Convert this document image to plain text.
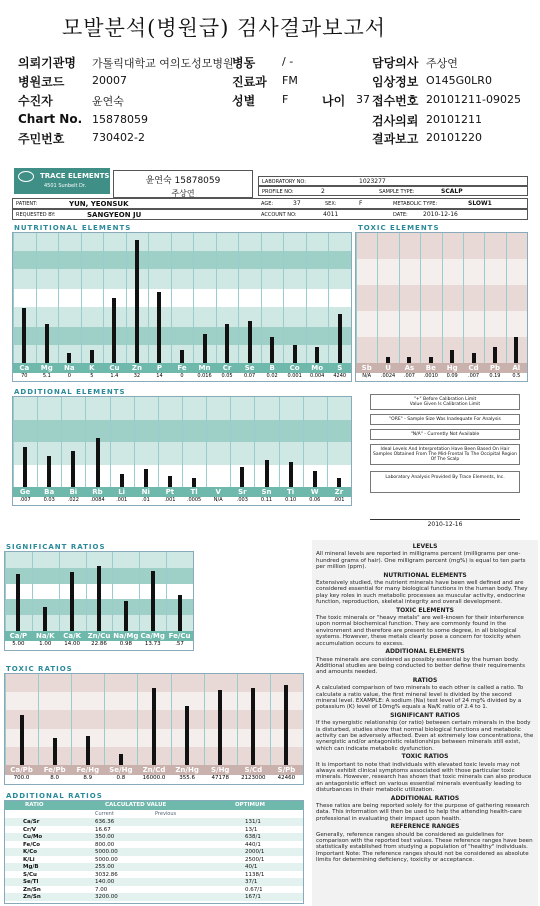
모발분석(병원급) 검사결과보고서
의뢰기관명 가톨릭대학교 여의도성모병원
병동 / -	담당의사 주상연
병원코드	20007	진료과 FM	임상정보 O145G0LR0
수진자	윤연숙	성별 F	나이 37 접수번호 20101211-09025
Chart No. 15878059	검사의뢰 20101211
주민번호	730402-2	결과보고 20101220
TRACE ELEMENTS
4501 Sunbelt Dr.	윤연숙 15878059
주상연
LABORATORY NO:	1023277
PROFILE NO:	2	SAMPLE TYPE:	SCALP
PATIENT:	YUN, YEONSUK	AGE:	37	SEX:	F	METABOLIC TYPE:	SLOW1
REQUESTED BY:	SANGYEON JU	ACCOUNT NO:	4011	DATE:	2010-12-16
NUTRITIONAL ELEMENTS	TOXIC ELEMENTS
Ca
70
Mg
5.1
Na
0
K
5
Cu
1.4
Zn
32
P
14
Fe
0
Mn
0.016
Cr
0.05
Se
0.07
B
0.02
Co
0.001
Mo
0.004
S
4240
Sb
N/A
U
.0024
As
.007
Be
.0010
Hg
0.09
Cd
.007
Pb
0.19
Al
0.5
ADDITIONAL ELEMENTS
Ge
.007
Ba
0.03
Bi
.022
Rb
.0084
Li
.001
Ni
.01
Pt
.001
Tl
.0005
V
N/A
Sr
.003
Sn
0.11
Ti
0.10
W
0.06
Zr
.001
"+" Before Calibration Limit
Value Given Is Calibration Limit
"ORE" - Sample Size Was Inadequate For Analysis
"N/A" - Currently Not Available
Ideal Levels And Interpretation Have Been Based On Hair Samples Obtained From The Mid-Frontal To The Occipital Region Of The Scalp
Laboratory Analysis Provided By Trace Elements, Inc.
2010-12-16
SIGNIFICANT RATIOS
Ca/P
5.00
Na/K
1.00
Ca/K
14.00
Zn/Cu
22.86
Na/Mg
0.98
Ca/Mg
13.73
Fe/Cu
.57
TOXIC RATIOS
Ca/Pb
700.0
Fe/Pb
8.0
Fe/Hg
8.9
Se/Hg
0.8
Zn/Cd
16000.0
Zn/Hg
355.6
S/Hg
47178
S/Cd
2123000
S/Pb
42460
ADDITIONAL RATIOS
RATIO	CALCULATED VALUE	OPTIMUM
Current	Previous
Ca/Sr	636.36	131/1
Cr/V	16.67	13/1
Cu/Mo	350.00	638/1
Fe/Co	800.00	440/1
K/Co	5000.00	2000/1
K/Li	5000.00	2500/1
Mg/B	255.00	40/1
S/Cu	3032.86	1138/1
Se/Tl	140.00	37/1
Zn/Sn	7.00	0.67/1
Zn/Sn	3200.00	167/1
LEVELS
All mineral levels are reported in milligrams percent (milligrams per one-hundred grams of hair). One milligram percent (mg%) is equal to ten parts per million (ppm).
NUTRITIONAL ELEMENTS
Extensively studied, the nutrient minerals have been well defined and are considered essential for many biological functions in the human body. They play key roles in such metabolic processes as muscular activity, endocrine function, reproduction, skeletal integrity and overall development.
TOXIC ELEMENTS
The toxic minerals or "heavy metals" are well-known for their interference upon normal biochemical function. They are commonly found in the environment and therefore are present to some degree, in all biological systems. However, these metals clearly pose a concern for toxicity when accumulation occurs to excess.
ADDITIONAL ELEMENTS
These minerals are considered as possibly essential by the human body. Additional studies are being conducted to better define their requirements and amounts needed.
RATIOS
A calculated comparison of two minerals to each other is called a ratio. To calculate a ratio value, the first mineral level is divided by the second mineral level. EXAMPLE: A sodium (Na) test level of 24 mg% divided by a potassium (K) level of 10mg% equals a Na/K ratio of 2.4 to 1.
SIGNIFICANT RATIOS
If the synergistic relationship (or ratio) between certain minerals in the body is disturbed, studies show that normal biological functions and metabolic activity can be adversely affected. Even at extremely low concentrations, the synergistic and/or antagonistic relationships between minerals still exist, which can indicate metabolic dysfunction.
TOXIC RATIOS
It is important to note that individuals with elevated toxic levels may not always exhibit clinical symptoms associated with those particular toxic minerals. However, research has shown that toxic minerals can also produce an antagonistic effect on various essential minerals eventually leading to disturbances in their metabolic utilization.
ADDITIONAL RATIOS
These ratios are being reported solely for the purpose of gathering research data. This information will then be used to help the attending health-care professional in evaluating their impact upon health.
REFERENCE RANGES
Generally, reference ranges should be considered as guidelines for comparison with the reported test values. These reference ranges have been statistically established from studying a population of "healthy" individuals. Important Note: The reference ranges should not be considered as absolute limits for determining deficiency, toxicity or acceptance.
